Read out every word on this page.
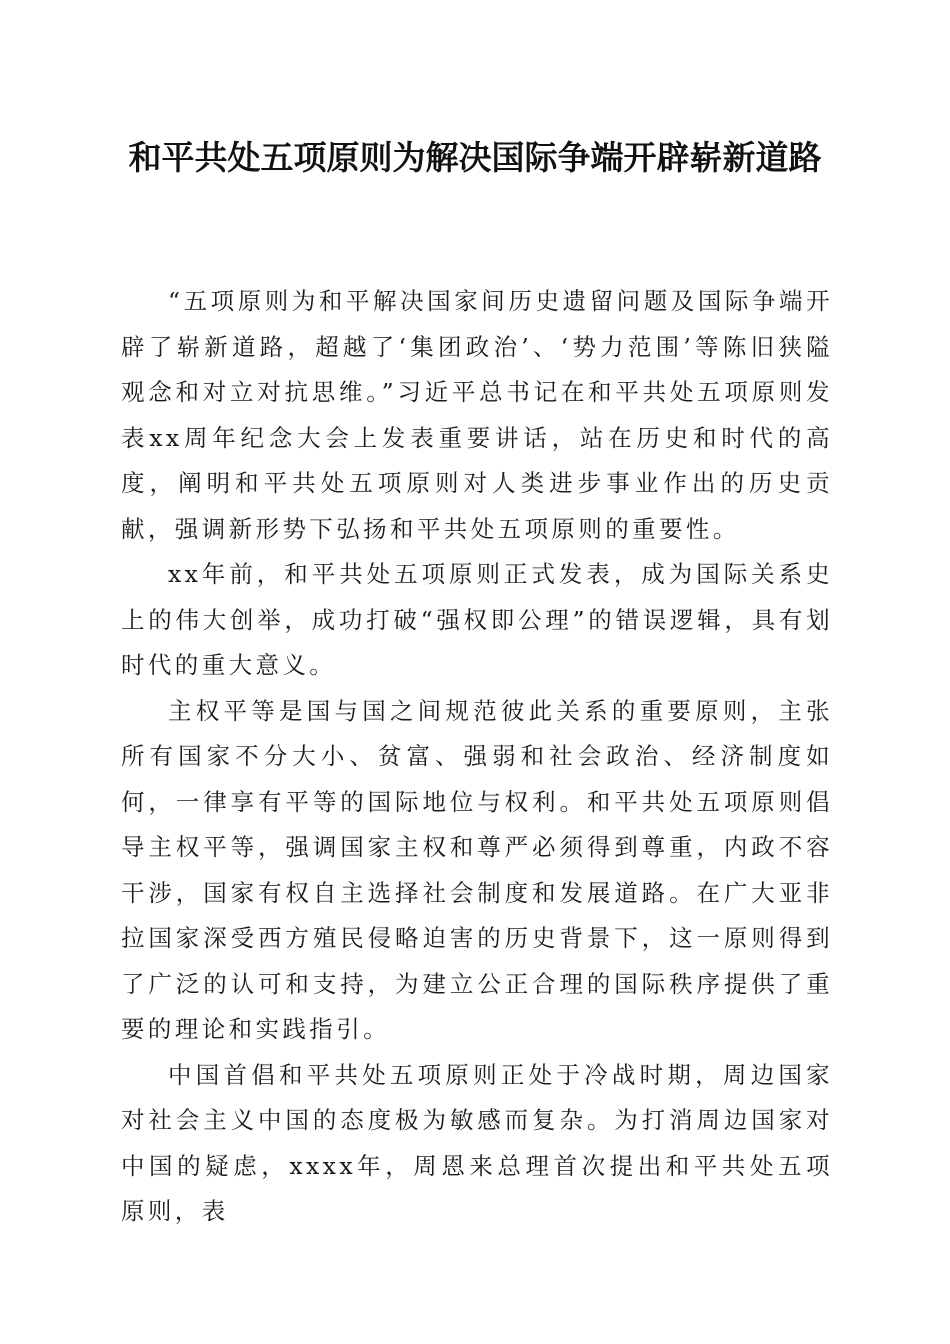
和平共处五项原则为解决国际争端开辟崭新道路

“五项原则为和平解决国家间历史遗留问题及国际争端开辟了崭新道路，超越了‘集团政治’、‘势力范围’等陈旧狭隘观念和对立对抗思维。”习近平总书记在和平共处五项原则发表xx周年纪念大会上发表重要讲话，站在历史和时代的高度，阐明和平共处五项原则对人类进步事业作出的历史贡献，强调新形势下弘扬和平共处五项原则的重要性。

xx年前，和平共处五项原则正式发表，成为国际关系史上的伟大创举，成功打破“强权即公理”的错误逻辑，具有划时代的重大意义。

主权平等是国与国之间规范彼此关系的重要原则，主张所有国家不分大小、贫富、强弱和社会政治、经济制度如何，一律享有平等的国际地位与权利。和平共处五项原则倡导主权平等，强调国家主权和尊严必须得到尊重，内政不容干涉，国家有权自主选择社会制度和发展道路。在广大亚非拉国家深受西方殖民侵略迫害的历史背景下，这一原则得到了广泛的认可和支持，为建立公正合理的国际秩序提供了重要的理论和实践指引。

中国首倡和平共处五项原则正处于冷战时期，周边国家对社会主义中国的态度极为敏感而复杂。为打消周边国家对中国的疑虑，xxxx年，周恩来总理首次提出和平共处五项原则，表
